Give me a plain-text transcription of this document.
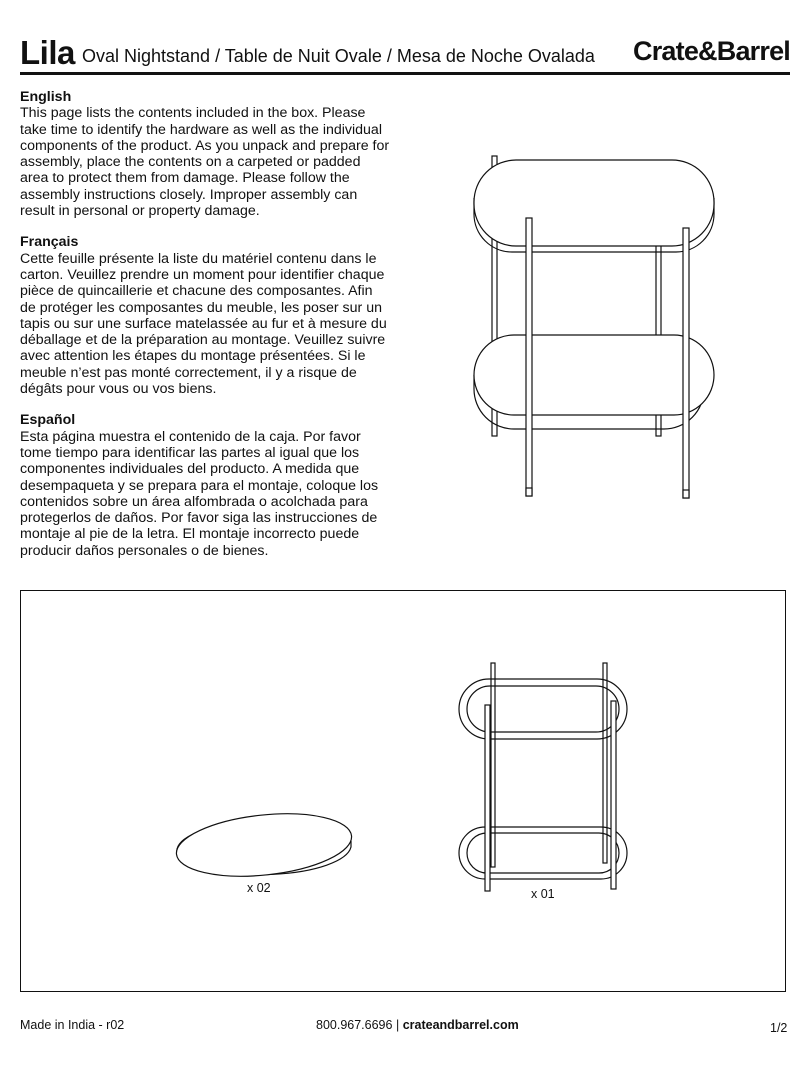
Lila Oval Nightstand / Table de Nuit Ovale / Mesa de Noche Ovalada Crate&Barrel
English

This page lists the contents included in the box. Please take time to identify the hardware as well as the individual components of the product. As you unpack and prepare for assembly, place the contents on a carpeted or padded area to protect them from damage. Please follow the assembly instructions closely. Improper assembly can result in personal or property damage.

Français

Cette feuille présente la liste du matériel contenu dans le carton. Veuillez prendre un moment pour identifier chaque pièce de quincaillerie et chacune des composantes. Afin de protéger les composantes du meuble, les poser sur un tapis ou sur une surface matelassée au fur et à mesure du déballage et de la préparation au montage. Veuillez suivre avec attention les étapes du montage présentées. Si le meuble n’est pas monté correctement, il y a risque de dégâts pour vous ou vos biens.

Español

Esta página muestra el contenido de la caja. Por favor tome tiempo para identificar las partes al igual que los componentes individuales del producto. A medida que desempaqueta y se prepara para el montaje, coloque los contenidos sobre un área alfombrada o acolchada para protegerlos de daños. Por favor siga las instrucciones de montaje al pie de la letra. El montaje incorrecto puede producir daños personales o de bienes.

x 02	x 01
Made in India - r02	800.967.6696 | crateandbarrel.com	1/2
